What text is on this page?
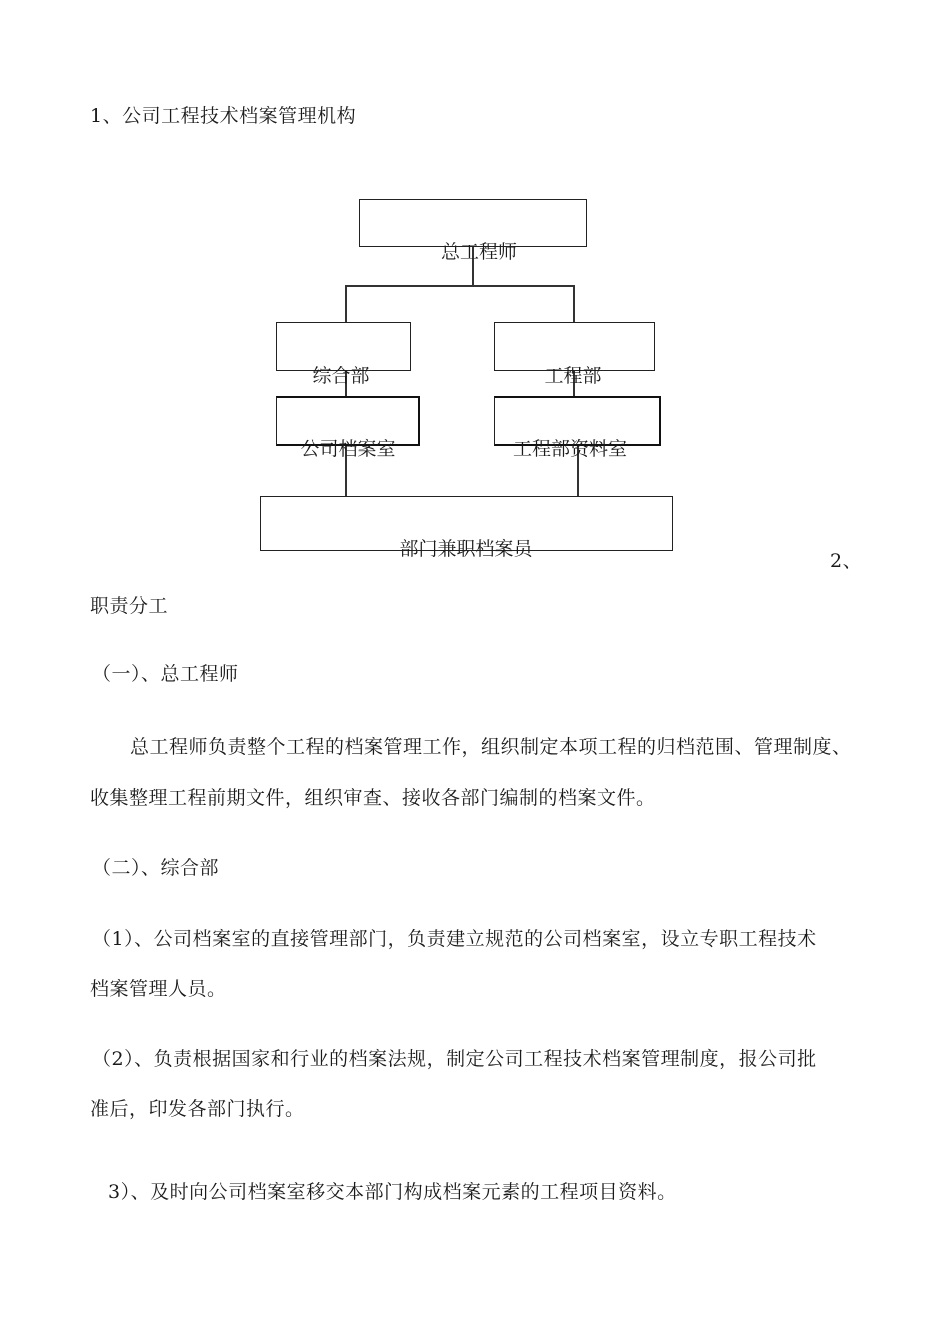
1、公司工程技术档案管理机构
总工程师
综合部	工程部
公司档案室	工程部资料室
部门兼职档案员
2、
职责分工
（一）、总工程师
总工程师负责整个工程的档案管理工作，组织制定本项工程的归档范围、管理制度、
收集整理工程前期文件，组织审查、接收各部门编制的档案文件。
（二）、综合部
（1）、公司档案室的直接管理部门，负责建立规范的公司档案室，设立专职工程技术
档案管理人员。
（2）、负责根据国家和行业的档案法规，制定公司工程技术档案管理制度，报公司批
准后，印发各部门执行。
3）、及时向公司档案室移交本部门构成档案元素的工程项目资料。
